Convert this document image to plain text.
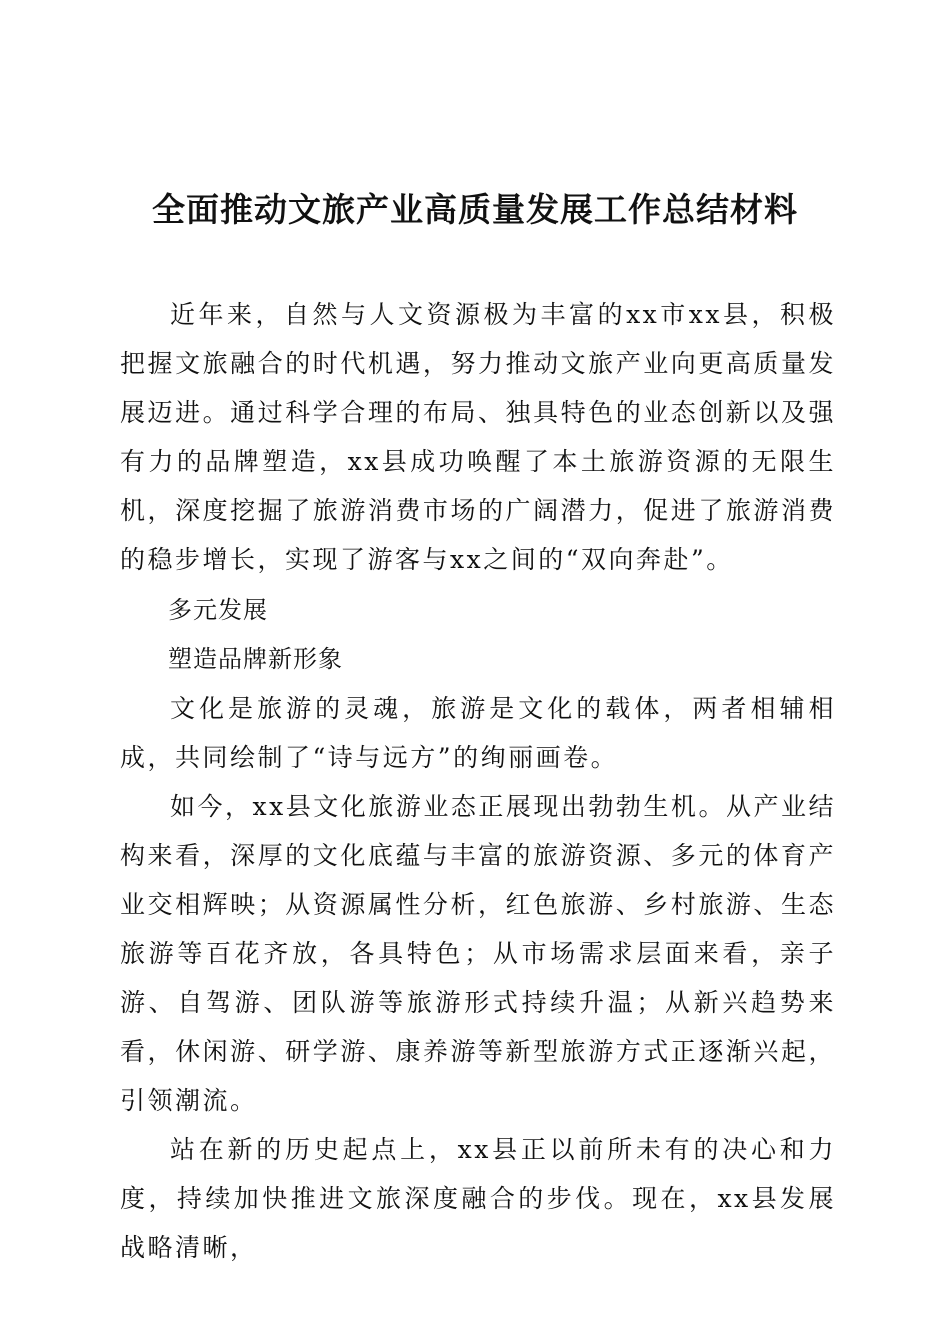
全面推动文旅产业高质量发展工作总结材料

近年来，自然与人文资源极为丰富的xx市xx县，积极把握文旅融合的时代机遇，努力推动文旅产业向更高质量发展迈进。通过科学合理的布局、独具特色的业态创新以及强有力的品牌塑造，xx县成功唤醒了本土旅游资源的无限生机，深度挖掘了旅游消费市场的广阔潜力，促进了旅游消费的稳步增长，实现了游客与xx之间的“双向奔赴”。

多元发展

塑造品牌新形象

文化是旅游的灵魂，旅游是文化的载体，两者相辅相成，共同绘制了“诗与远方”的绚丽画卷。

如今，xx县文化旅游业态正展现出勃勃生机。从产业结构来看，深厚的文化底蕴与丰富的旅游资源、多元的体育产业交相辉映；从资源属性分析，红色旅游、乡村旅游、生态旅游等百花齐放，各具特色；从市场需求层面来看，亲子游、自驾游、团队游等旅游形式持续升温；从新兴趋势来看，休闲游、研学游、康养游等新型旅游方式正逐渐兴起，引领潮流。

站在新的历史起点上，xx县正以前所未有的决心和力度，持续加快推进文旅深度融合的步伐。现在，xx县发展战略清晰，
